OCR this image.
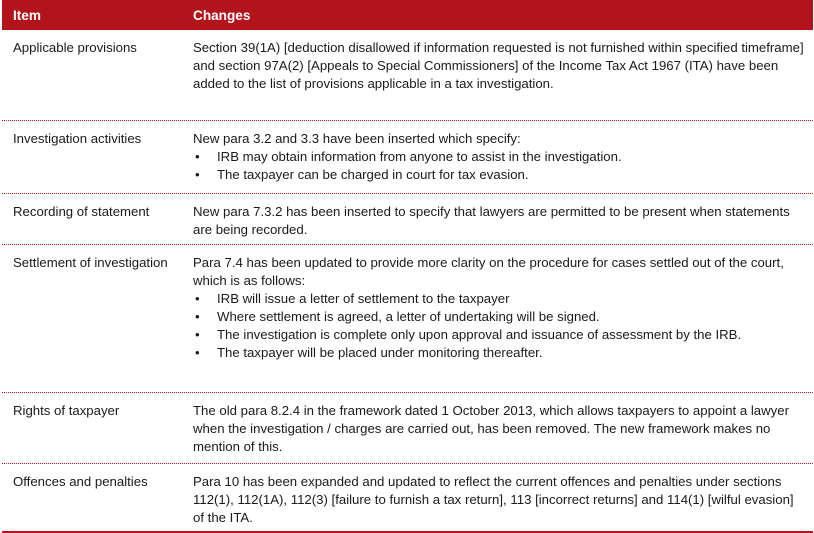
Item	Changes
Applicable provisions	Section 39(1A) [deduction disallowed if information requested is not furnished within specified timeframe] and section 97A(2) [Appeals to Special Commissioners] of the Income Tax Act 1967 (ITA) have been added to the list of provisions applicable in a tax investigation.
Investigation activities	New para 3.2 and 3.3 have been inserted which specify:
• IRB may obtain information from anyone to assist in the investigation.
• The taxpayer can be charged in court for tax evasion.
Recording of statement	New para 7.3.2 has been inserted to specify that lawyers are permitted to be present when statements are being recorded.
Settlement of investigation	Para 7.4 has been updated to provide more clarity on the procedure for cases settled out of the court, which is as follows:
• IRB will issue a letter of settlement to the taxpayer
• Where settlement is agreed, a letter of undertaking will be signed.
• The investigation is complete only upon approval and issuance of assessment by the IRB.
• The taxpayer will be placed under monitoring thereafter.
Rights of taxpayer	The old para 8.2.4 in the framework dated 1 October 2013, which allows taxpayers to appoint a lawyer when the investigation / charges are carried out, has been removed. The new framework makes no mention of this.
Offences and penalties	Para 10 has been expanded and updated to reflect the current offences and penalties under sections 112(1), 112(1A), 112(3) [failure to furnish a tax return], 113 [incorrect returns] and 114(1) [wilful evasion] of the ITA.
